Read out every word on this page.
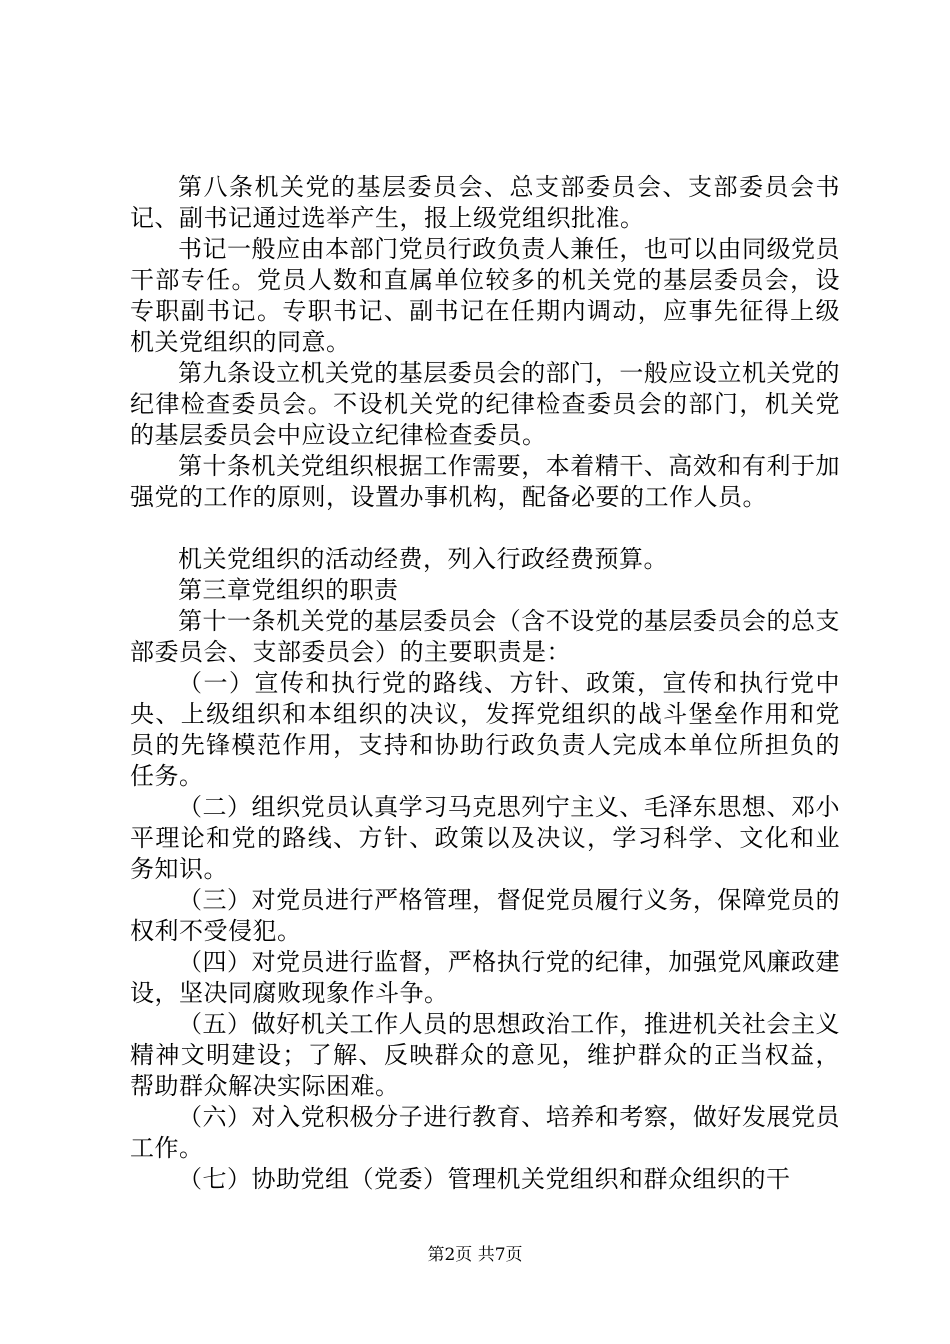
第八条机关党的基层委员会、总支部委员会、支部委员会书记、副书记通过选举产生，报上级党组织批准。

书记一般应由本部门党员行政负责人兼任，也可以由同级党员干部专任。党员人数和直属单位较多的机关党的基层委员会，设专职副书记。专职书记、副书记在任期内调动，应事先征得上级机关党组织的同意。

第九条设立机关党的基层委员会的部门，一般应设立机关党的纪律检查委员会。不设机关党的纪律检查委员会的部门，机关党的基层委员会中应设立纪律检查委员。

第十条机关党组织根据工作需要，本着精干、高效和有利于加强党的工作的原则，设置办事机构，配备必要的工作人员。

机关党组织的活动经费，列入行政经费预算。

第三章党组织的职责

第十一条机关党的基层委员会（含不设党的基层委员会的总支部委员会、支部委员会）的主要职责是：

（一）宣传和执行党的路线、方针、政策，宣传和执行党中央、上级组织和本组织的决议，发挥党组织的战斗堡垒作用和党员的先锋模范作用，支持和协助行政负责人完成本单位所担负的任务。

（二）组织党员认真学习马克思列宁主义、毛泽东思想、邓小平理论和党的路线、方针、政策以及决议，学习科学、文化和业务知识。

（三）对党员进行严格管理，督促党员履行义务，保障党员的权利不受侵犯。

（四）对党员进行监督，严格执行党的纪律，加强党风廉政建设，坚决同腐败现象作斗争。

（五）做好机关工作人员的思想政治工作，推进机关社会主义精神文明建设；了解、反映群众的意见，维护群众的正当权益，帮助群众解决实际困难。

（六）对入党积极分子进行教育、培养和考察，做好发展党员工作。

（七）协助党组（党委）管理机关党组织和群众组织的干

第2页 共7页
